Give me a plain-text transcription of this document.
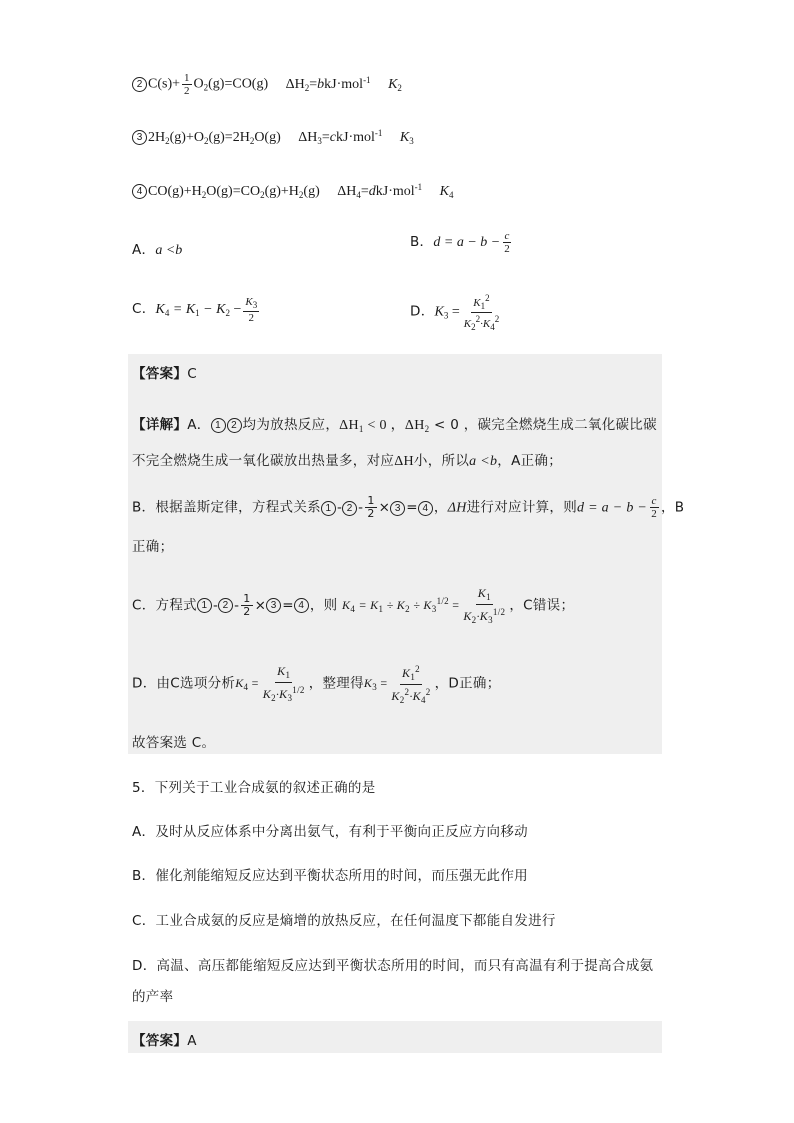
2 $C(s)+ \frac{1}{2} O_2(g)=CO(g)$ $\Delta H_2=bkJ\cdot mol^{-1}$ $K_2$
3 $2H_2(g)+O_2(g)=2H_2O(g)$ $\Delta H_3=ckJ\cdot mol^{-1}$ $K_3$
4 $CO(g)+H_2O(g)=CO_2(g)+H_2(g)$ $\Delta H_4=dkJ\cdot mol^{-1}$ $K_4$
A．a <b
B．$d = a - b - \frac{c}{2}$
C．$K_4 = K_1 - K_2 - \frac{K_3}{2}$	D．$K_3 = \frac{K_1^2}{K_2^2\cdot K_4^2}$
【答案】C
【详解】A． 1 2 均为放热反应，$\Delta H_1 < 0$ ，$\Delta H_2 < 0$ ，碳完全燃烧生成二氧化碳比碳
不完全燃烧生成一氧化碳放出热量多，对应ΔH小，所以a <b，A正确；
B．根据盖斯定律，方程式关系 $1 - 2 - \frac{1}{2} \times 3 = 4$ ，ΔH进行对应计算，则$d = a - b - \frac{c}{2}$ ，B
正确；
C．方程式 $1 - 2 - \frac{1}{2} \times 3 = 4$ ，则 $K_4 = K_1 \div K_2 \div K_3^{1/2} = \frac{K_1}{K_2\cdot K_3^{1/2}}$ ，C错误；
D．由C选项分析$K_4 = \frac{K_1}{K_2\cdot K_3^{1/2}}$ ，整理得$K_3 = \frac{K_1^2}{K_2^2\cdot K_4^2}$ ，D正确；
故答案选 C。
5．下列关于工业合成氨的叙述正确的是
A．及时从反应体系中分离出氨气，有利于平衡向正反应方向移动
B．催化剂能缩短反应达到平衡状态所用的时间，而压强无此作用
C．工业合成氨的反应是熵增的放热反应，在任何温度下都能自发进行
D．高温、高压都能缩短反应达到平衡状态所用的时间，而只有高温有利于提高合成氨
的产率
【答案】A
